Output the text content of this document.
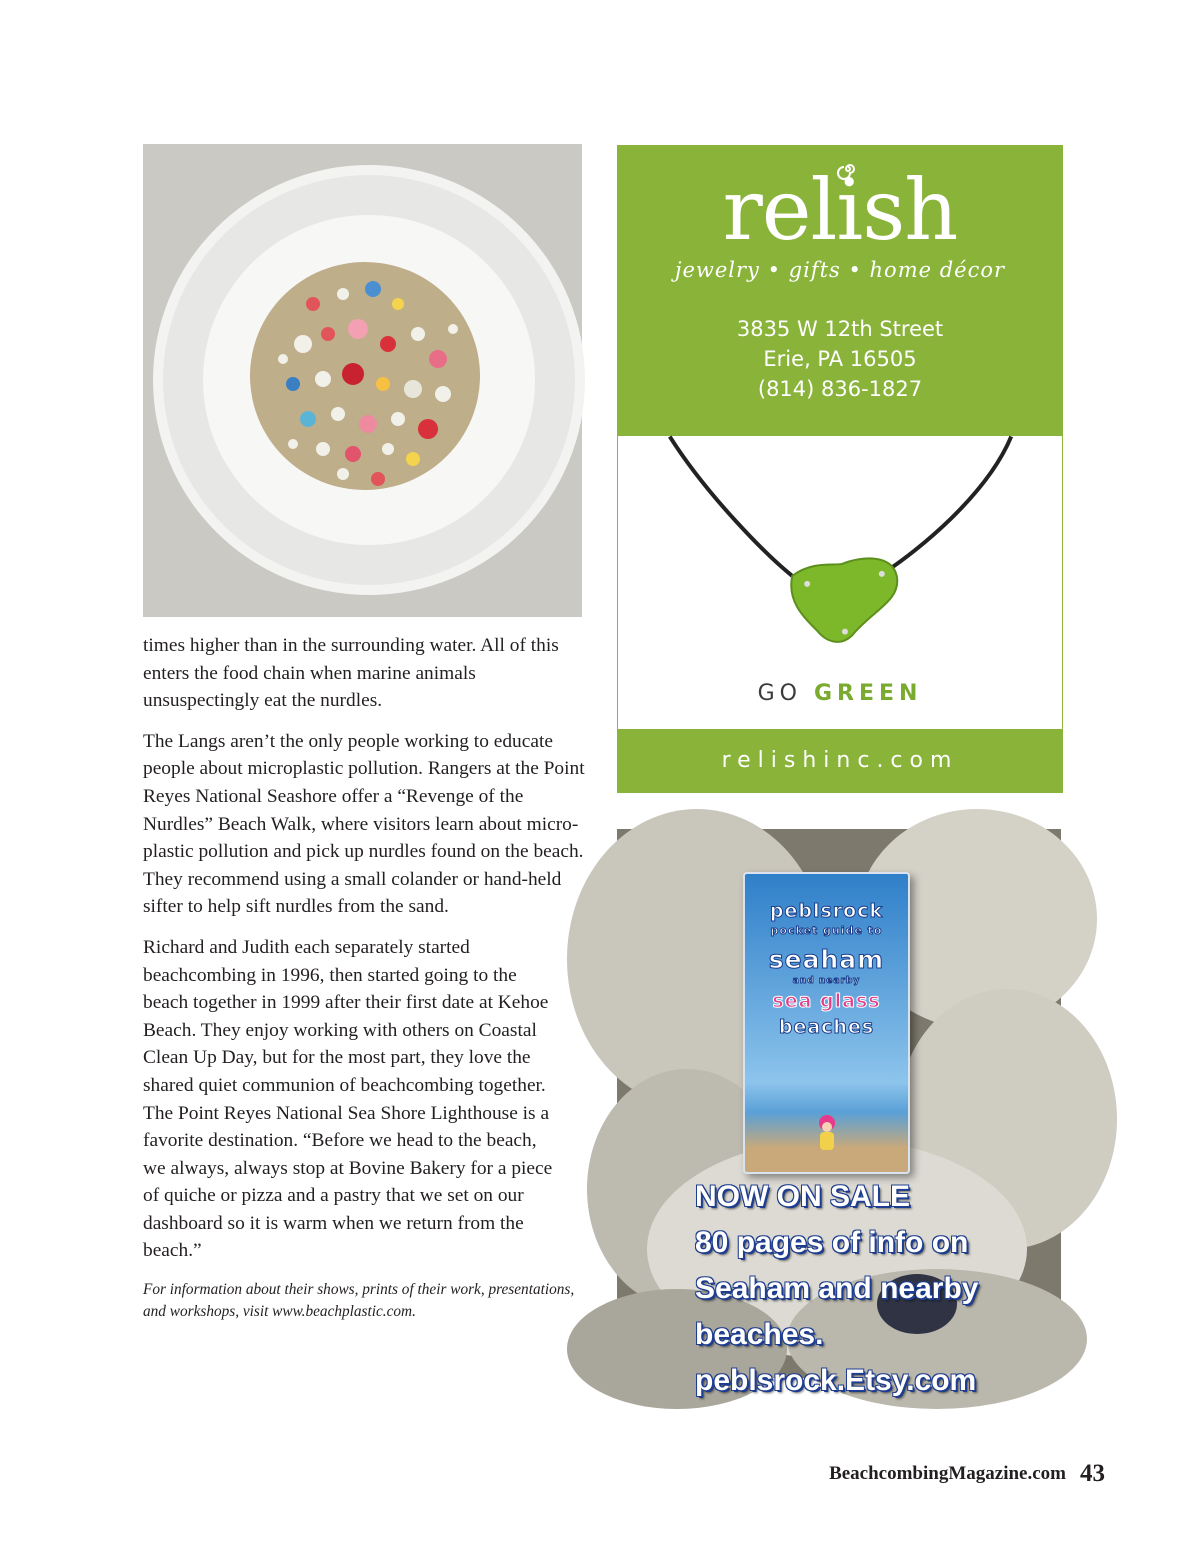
times higher than in the surrounding water. All of this enters the food chain when marine animals unsuspectingly eat the nurdles.

The Langs aren’t the only people working to educate people about microplastic pollution. Rangers at the Point Reyes National Seashore offer a “Revenge of the Nurdles” Beach Walk, where visitors learn about micro-plastic pollution and pick up nurdles found on the beach. They recommend using a small colander or hand-held sifter to help sift nurdles from the sand.

Richard and Judith each separately started beachcombing in 1996, then started going to the beach together in 1999 after their first date at Kehoe Beach. They enjoy working with others on Coastal Clean Up Day, but for the most part, they love the shared quiet communion of beachcombing together. The Point Reyes National Sea Shore Lighthouse is a favorite destination. “Before we head to the beach, we always, always stop at Bovine Bakery for a piece of quiche or pizza and a pastry that we set on our dashboard so it is warm when we return from the beach.”

For information about their shows, prints of their work, presentations, and workshops, visit www.beachplastic.com.

relish
jewelry • gifts • home décor
3835 W 12th Street
Erie, PA 16505
(814) 836-1827
GO GREEN
relishinc.com
peblsrock
pocket guide to
seaham
and nearby
sea glass
beaches
NOW ON SALE
80 pages of info on
Seaham and nearby
beaches.
peblsrock.Etsy.com
BeachcombingMagazine.com 43
